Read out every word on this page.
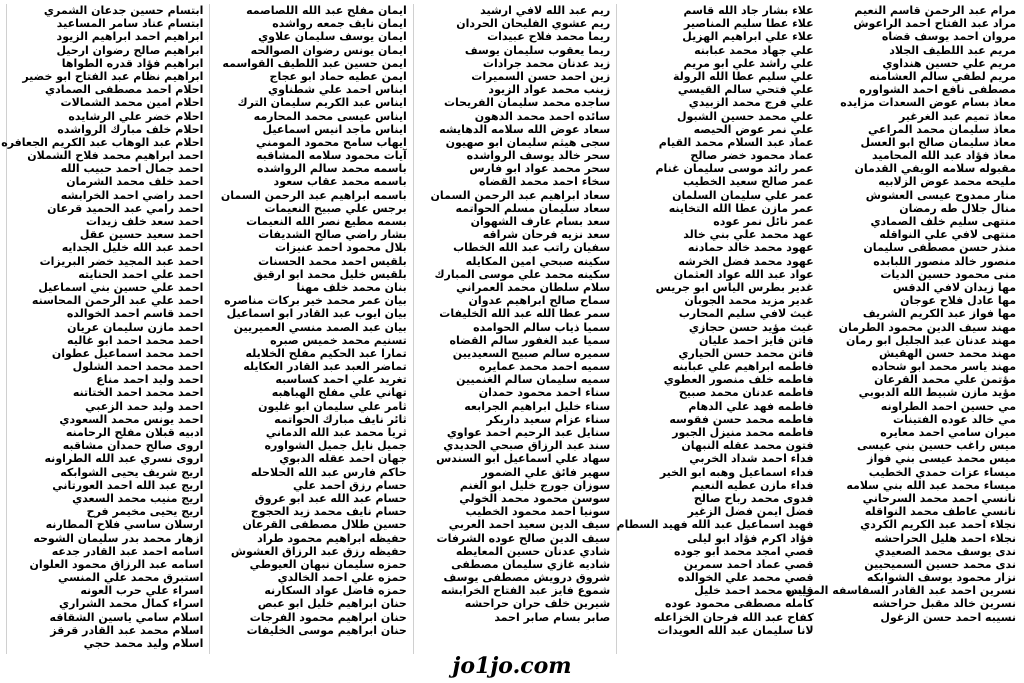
ابتسام حسين جدعان الشمري
ابتسام عناد سامر المساعيد
ابراهيم احمد ابراهيم الزيود
ابراهيم صالح رضوان ارحيل
ابراهيم فؤاد قدره الطواها
ابراهيم نظام عبد الفتاح ابو خضير
احلام احمد مصطفى الصمادي
احلام امين محمد الشمالات
احلام خضر علي الرشايده
احلام خلف مبارك الرواشده
احلام عبد الوهاب عبد الكريم الجعافره
احمد ابراهيم محمد فلاح الشملان
احمد جمال احمد حبيب الله
احمد خلف محمد الشرمان
احمد راضي احمد الخرابشه
احمد رامي عبد الحميد قرعان
احمد سعد خلف زيدات
احمد سعيد حسين عقل
احمد عبد الله خليل الجدايه
احمد عبد المجيد خضر البريزات
احمد علي احمد الحنايته
احمد علي حسين بني اسماعيل
احمد علي عبد الرحمن المحاسنه
احمد قاسم احمد الخوالده
احمد مازن سليمان عريان
احمد محمد احمد ابو غاليه
احمد محمد اسماعيل عطوان
احمد محمد احمد الشلول
احمد وليد احمد مناع
احمد محمد احمد الختاتنه
احمد وليد حمد الزعبي
احمد يونس محمد السعودي
ادبيه قبلان مفلح الرحامنه
اروى صالح حمدان مشاقبه
اروى نسري عبد الله الطراونه
اريج شريف يحيى الشوابكه
اريج عبد الله احمد العورتاني
اريج منيب محمد السعدي
اريج يحيى مخيمر فرح
ارسلان ساسي فلاح المطارنه
ازهار محمد بدر سليمان الشوحه
اسامه احمد عبد القادر جدعه
اسامه عبد الرزاق محمود العلوان
استبرق محمد علي المنسي
اسراء علي حرب العونه
اسراء كمال محمد الشراري
اسلام سامي ياسين الشقاقه
اسلام محمد عبد القادر قرقز
اسلام وليد محمد حجي
ايمان مفلح عبد الله اللصاصمه
ايمان نايف جمعه رواشده
ايمان يوسف سليمان علاوي
ايمان يونس رضوان الصوالحه
ايمن حسين عبد اللطيف القواسمه
ايمن عطيه حماد ابو عجاج
ايناس احمد علي شطناوي
ايناس عبد الكريم سليمان الترك
ايناس عيسى محمد المحارمه
ايناس ماجد انيس اسماعيل
ايهاب سامح محمود المومني
آيات محمود سلامه المشاقبه
باسمه محمد سالم الرواشده
باسمه محمد عقاب سعود
باسمه ابراهيم عبد الرحمن السمان
برجس علي صبيح النعيمات
بسمه مطيع نصر الله النعيمات
بشار راضي صالح الشديفات
بلال محمود احمد عنيزات
بلقيس احمد محمد الحسنات
بلقيس خليل محمد ابو ارقيق
بنان محمد خلف مهنا
بيان عمر محمد خير بركات مناصره
بيان ايوب عبد القادر ابو اسماعيل
بيان عبد الصمد منسي العميريين
تسنيم محمد خميس صبره
تمارا عبد الحكيم مفلح الخلايله
تماضر العبد عبد القادر العكايله
تغريد علي احمد كساسبه
تهاني علي مفلح الهباهبه
ثامر علي سليمان ابو غليون
ثائر نايف مبارك الحواتمه
ثريا محمد عبد الله الدماني
جميل نايل جميل الشواوره
جهان احمد عقله الدبوي
حاكم فارس عبد الله الحلاحله
حسام رزق احمد علي
حسام عبد الله عبد ابو عروق
حسام نايف محمد زيد الحجوج
حسين طلال مصطفى القرعان
حفيظه ابراهيم محمود طراد
حفيظه رزق عبد الرزاق العشوش
حمزه سليمان نبهان العيوطي
حمزه علي احمد الخالدي
حمزه فاضل عواد السكارنه
حنان ابراهيم خليل ابو عبص
حنان ابراهيم محمود الفرجات
حنان ابراهيم موسى الخليفات
ريم عبد الله لافي ارشيد
ريم عشوي الفليحان الحردان
ريما محمد فلاح عبيدات
ريما يعقوب سليمان يوسف
زيد عدنان محمد جرادات
زين احمد حسن السميرات
زينب محمد عواد الزيود
ساجده محمد سليمان الفريحات
سائده احمد محمد الدهون
سعاد عوض الله سلامه الدهايشه
سجى هيثم سليمان ابو صهيون
سحر خالد يوسف الرواشده
سحر محمد عواد ابو فارس
سخاء احمد محمد القضاه
سعاد ابراهيم عبد الرحمن السمان
سعاد سليمان مسلم الحواتمه
سعد بسام عارف الشهوان
سعد نزيه فرحان شراقه
سفيان راتب عبد الله الخطاب
سكينه صبحي امين المكايله
سكينه محمد علي موسى المبارك
سلام سلطان محمد العمراني
سماح صالح ابراهيم عدوان
سمر عطا الله عبد الله الخليفات
سميا ذياب سالم الحوامده
سميا عبد الغفور سالم القضاه
سميره سالم صبيح السعيديين
سميه احمد محمد عمايره
سميه سليمان سالم الغنميين
سناء احمد محمود حمدان
سناء خليل ابراهيم الجرابعه
سناء عزام سعيد داربكر
سنايل عبد الرحيم احمد عواوي
سند عبد الرزاق صبحي الحديدي
سهاد علي اسماعيل ابو السندس
سهير فائق علي الضمور
سوزان جورج خليل ابو الغنم
سوسن محمود محمد الخولي
سونيا احمد محمود الخطيب
سيف الدين سعيد احمد العربي
سيف الدين صالح عوده الشرفات
شادي عدنان حسين المعايطه
شاديه غازي سليمان مصطفى
شروق درويش مصطفى يوسف
شموع فايز عبد الفتاح الخرابشه
شيرين خلف حران حراحشه
صابر بسام صابر احمد
علاء بشار جاد الله قاسم
علاء عطا سليم المناصير
علاء علي ابراهيم الهزيل
علي جهاد محمد عبابنه
علي راشد علي ابو مريم
علي سليم عطا الله الرولة
علي فتحي سالم القيسي
علي فرج محمد الزبيدي
علي محمد حسين الشبول
علي نمر عوض الحيصه
عماد عبد السلام محمد القيام
عماد محمود خضر صالح
عمر رائد موسى سليمان غنام
عمر صالح سعيد الخطيب
عمر علي سليمان السلمان
عمر مازن عطا الله التخاينه
عمر نائل نمر عوده
عهد محمد علي بني خالد
عهود محمد خالد حمادنه
عهود محمد فضل الخرشه
عواد عبد الله عواد العثمان
غدير بطرس الياس ابو جريس
غدير مزيد محمد الجوبان
غيث لافي سليم المحارب
غيث مؤيد حسن حجازي
فاتن فايز احمد عليان
فاتن محمد حسن الحياري
فاطمه ابراهيم علي عبابنه
فاطمه خلف منصور العطوي
فاطمه عدنان محمد صبيح
فاطمه فهد علي الدهام
فاطمه محمد حسن فقوسه
فاطمه محمد منيزل الجبور
فتون محمد عقله النبهان
فداء احمد شداد الخربي
فداء اسماعيل وهبه ابو الخير
فداء مازن عطيه النعيم
فدوى محمد رباح صالح
فضل ايمن فضل الزغير
فهيد اسماعيل عبد الله فهيد السطام
فؤاد اكرم فؤاد ابو ليلى
قصي امجد محمد ابو جوده
قصي عماد احمد سمرين
قصي محمد علي الخوالده
قيس محمد احمد خليل
كامله مصطفى محمود عوده
كفاح عبد الله فرحان الخزاعله
لانا سليمان عبد الله العويدات
مرام عبد الرحمن قاسم النعيم
مراد عبد الفتاح احمد الراعوش
مروان احمد يوسف قضاه
مريم عبد اللطيف الجلاد
مريم علي حسين هنداوي
مريم لطفي سالم العشامنه
مصطفى نافع احمد الشواوره
معاذ بسام عوض السعدات مزايده
معاذ تميم عبد الغرغير
معاذ سليمان محمد المراعي
معاذ سليمان صالح ابو العسل
معاذ فؤاد عبد الله المحاميد
مقبوله سلامه الويفي القدمان
مليحه محمد عوض الزلابيه
منار ممدوح عيسى العشوش
منال جلال طه رمضان
منتهى سليم خلف الصمادي
منتهى لافي علي النواقله
منذر حسن مصطفى سليمان
منصور خالد منصور اللبابده
منى محمود حسين الديات
مها زيدان لافي الدقس
مها عادل فلاح عوجان
مها فواز عبد الكريم الشريف
مهند سيف الدين محمود الطرمان
مهند عدنان عبد الجليل ابو رمان
مهند محمد حسن الهقيش
مهند ياسر محمد ابو شحاده
مؤتمن علي محمد القرعان
مؤيد مازن شبيط الله الدبوبي
مي حسين احمد الطراونه
مي خالد عوده الفتينات
ميران سامي احمد معايره
ميس راغب حسين بني عيسى
ميس محمد عيسى بني فواز
ميساء عزات حمدي الخطيب
ميساء محمد عبد الله بني سلامه
نانسي احمد محمد السرحاني
نانسي عاطف محمد النواقله
نجلاء احمد عبد الكريم الكردي
نجلاء احمد هليل الحراحشه
ندى يوسف محمد الصعيدي
ندى محمد حسين السميحيين
نزار محمود يوسف الشوابكه
نسرين احمد عبد القادر السفاسفه المزايده
نسرين خالد مقبل حراحشه
نسيبه احمد حسن الزغول
jo1jo.com
